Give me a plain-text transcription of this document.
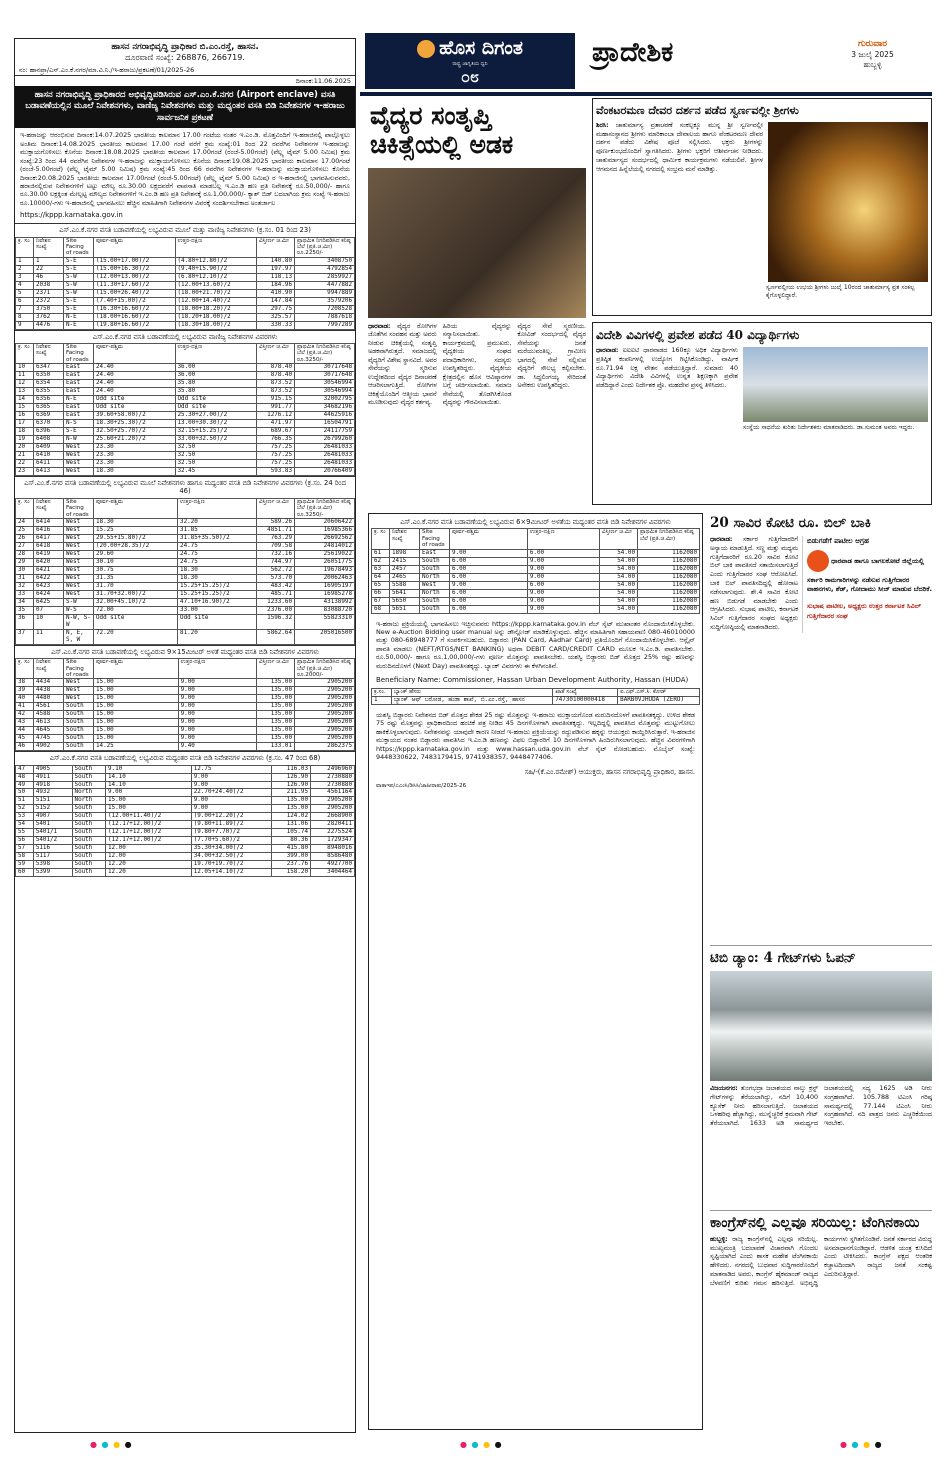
ಹಾಸನ ನಗರಾಭಿವೃದ್ಧಿ ಪ್ರಾಧಿಕಾರ ಬಿ.ಎಂ.ರಸ್ತೆ, ಹಾಸನ.
ದೂರವಾಣಿ ಸಂಖ್ಯೆ: 268876, 266719.
ನಂ: ಹಾನಪ್ರಾ/ಎಸ್.ಎಂ.ಕೆ.ನಗರ/ಮಾ.ವಿ.ನಿ./ಇ-ಹರಾಜು/ಪ್ರಕಟಣೆ/01/2025-26
ದಿನಾಂಕ:11.06.2025
ಹಾಸನ ನಗರಾಭಿವೃದ್ಧಿ ಪ್ರಾಧಿಕಾರದ ಅಭಿವೃದ್ಧಿಪಡಿಸಿರುವ ಎಸ್.ಎಂ.ಕೆ.ನಗರ (Airport enclave) ವಸತಿ ಬಡಾವಣೆಯಲ್ಲಿನ ಮೂಲೆ ನಿವೇಶನಗಳು, ವಾಣಿಜ್ಯ ನಿವೇಶನಗಳು ಮತ್ತು ಮಧ್ಯಂತರ ವಸತಿ ಬಿಡಿ ನಿವೇಶನಗಳ ಇ-ಹರಾಜು ಸಾರ್ವಜನಿಕ ಪ್ರಕಟಣೆ
ಇ-ಹರಾಜನ್ನು ಆರಂಭಿಸುವ ದಿನಾಂಕ:14.07.2025 ಭಾರತೀಯ ಕಾಲಮಾನ 17.00 ಗಂಟೆಯ ನಂತರ ಇ.ಎಂ.ಡಿ. ಮೊತ್ತವಿಂದಿಗೆ ಇ-ಹರಾಜಿನಲ್ಲಿ ಪಾಲ್ಗೊಳ್ಳಲು ಅಂತಿಮ ದಿನಾಂಕ:14.08.2025 ಭಾರತೀಯ ಕಾಲಮಾನ 17.00 ಗಂಟೆ ವರೆಗೆ ಕ್ರಮ ಸಂಖ್ಯೆ:01 ರಿಂದ 22 ರವರೆಗಿನ ನಿವೇಶನಗಳ ಇ-ಹರಾಜನ್ನು ಮುಕ್ತಾಯಗೊಳಿಸಲು ಕೊನೆಯ ದಿನಾಂಕ:18.08.2025 ಭಾರತೀಯ ಕಾಲಮಾನ 17.00ಗಂಟೆ (ರಂಜೆ-5.00ಗಂಟೆ) (ಪೆಲ್ಲ್ಯ ಟೈಮ್ 5.00 ನಿಮಿಷ) ಕ್ರಮ ಸಂಖ್ಯೆ:23 ರಿಂದ 44 ರವರೆಗಿನ ನಿವೇಶನಗಳ ಇ-ಹರಾಜನ್ನು ಮುಕ್ತಾಯಗೊಳಿಸಲು ಕೊನೆಯ ದಿನಾಂಕ:19.08.2025 ಭಾರತೀಯ ಕಾಲಮಾನ 17.00ಗಂಟೆ (ರಂಜೆ-5.00ಗಂಟೆ) (ಪೆಲ್ಲ್ಯ ಟೈಮ್ 5.00 ನಿಮಿಷ) ಕ್ರಮ ಸಂಖ್ಯೆ:45 ರಿಂದ 66 ರವರೆಗಿನ ನಿವೇಶನಗಳ ಇ-ಹರಾಜನ್ನು ಮುಕ್ತಾಯಗೊಳಿಸಲು ಕೊನೆಯ ದಿನಾಂಕ:20.08.2025 ಭಾರತೀಯ ಕಾಲಮಾನ 17.00ಗಂಟೆ (ರಂಜೆ-5.00ಗಂಟೆ) (ಪೆಲ್ಲ್ಯ ಟೈಮ್ 5.00 ನಿಮಿಷ) ರ ಇ-ಹರಾಜಿನಲ್ಲಿ ಭಾಗವಹಿಸುವವರು, ಹರಾಜಿನಲ್ಲಿರುವ ನಿವೇಶನಗಳಿಗೆ ಟಟ್ಟು ಮೌಲ್ಯ ರೂ.30.00 ಲಕ್ಷದವರೆಗೆ ವಾಪಸಾತಿ ಮಾಡಬಲ್ಲ ಇ.ಎಂ.ಡಿ ಹಣ ಪ್ರತಿ ನಿವೇಶನಕ್ಕೆ ರೂ.50,000/- ಹಾಗೂ ರೂ.30.00 ಲಕ್ಷಕ್ಕಿಂತ ಮೇಲ್ಪಟ್ಟ ಮೌಲ್ಯದ ನಿವೇಶನಗಳಿಗೆ ಇ.ಎಂ.ಡಿ ಹಣ ಪ್ರತಿ ನಿವೇಶನಕ್ಕೆ ರೂ.1,00,000/- ಕ್ಯಾಶ್ ಬಿಡ್ ಬದಲಾಗಿಯ ಕ್ರಮ ಸಂಖ್ಯೆ ಇ-ಹರಾಜು ರೂ.10000/-ಗಳು ಇ-ಹರಾಜಿನಲ್ಲಿ ಭಾಗವಹಿಸಲು ಹೆಚ್ಚಿನ ಮಾಹಿತಿಗಾಗಿ ನಿವೇಶನಗಳ ವಿವರಕ್ಕೆ ಸಂದರ್ಶಿಸಬೇಕಾದ ಅಂತರ್ಜಾಲ
https://kppp.karnataka.gov.in
ಎಸ್.ಎಂ.ಕೆ.ನಗರ ವಸತಿ ಬಡಾವಣೆಯಲ್ಲಿ ಲಭ್ಯವಿರುವ ಮೂಲೆ ಮತ್ತು ವಾಣಿಜ್ಯ ನಿವೇಶನಗಳು (ಕ್ರ.ಸಂ. 01 ರಿಂದ 23)
ಕ್ರ. ಸಂ	ನಿವೇಶನ ಸಂಖ್ಯೆ	Site Facing of roads	ಪೂರ್ವ-ಪಶ್ಚಿಮ	ಉತ್ತರ-ದಕ್ಷಿಣ	ವಿಸ್ತೀರ್ಣ ಚ.ಮೀ	ಪ್ರಾಥಮಿಕ ನಿಗದಿಪಡಿಸಿದ ಕನಿಷ್ಠ ಬೆಲೆ (ಪ್ರತಿ.ಚ.ಮೀ) ರೂ.2250/-
1	1	S-E	(15.00+17.00)/2	(4.80+12.80)/2	140.80	3408750
2	22	S-E	(15.00+16.30)/2	(9.40+15.90)/2	197.97	4792854
3	46	S-W	(12.00+13.00)/2	(6.80+12.10)/2	118.13	2859927
4	2038	S-W	(11.30+17.60)/2	(12.00+13.60)/2	184.96	4477882
5	2371	S-W	(15.00+26.40)/2	(18.00+21.70)/2	410.90	9947889
6	2372	S-E	(7.40+15.00)/2	(12.00+14.40)/2	147.84	3579206
7	3750	S-E	(16.30+16.60)/2	(18.00+18.20)/2	297.75	7208528
8	3762	N-E	(18.00+16.60)/2	(18.20+18.00)/2	325.57	7887618
9	4476	N-E	(19.80+16.60)/2	(18.30+18.00)/2	330.33	7997289
ಎಸ್.ಎಂ.ಕೆ.ನಗರ ವಸತಿ ಬಡಾವಣೆಯಲ್ಲಿ ಲಭ್ಯವಿರುವ ವಾಣಿಜ್ಯ ನಿವೇಶನಗಳ ವಿವರಗಳು
ಕ್ರ. ಸಂ	ನಿವೇಶನ ಸಂಖ್ಯೆ	Site Facing of roads	ಪೂರ್ವ-ಪಶ್ಚಿಮ	ಉತ್ತರ-ದಕ್ಷಿಣ	ವಿಸ್ತೀರ್ಣ ಚ.ಮೀ	ಪ್ರಾಥಮಿಕ ನಿಗದಿಪಡಿಸಿದ ಕನಿಷ್ಠ ಬೆಲೆ (ಪ್ರತಿ.ಚ.ಮೀ) ರೂ.3250/-
10	6347	East	24.40	36.00	878.40	30717648
11	6350	East	24.40	36.00	878.40	30717648
12	6354	East	24.40	35.80	873.52	30546994
13	6355	East	24.40	35.80	873.52	30546994
14	6356	N-E	Odd site	Odd site	915.15	32002795
15	6365	East	Odd site	Odd site	991.77	34682196
16	6369	East	39.60+58.00)/2	25.30+27.00)/2	1276.12	44625916
17	6370	N-S	18.30+25.30)/2	13.00+30.30)/2	471.97	16504791
18	6396	S-E	32.50+25.70)/2	32.15+15.25)/2	689.67	24117759
19	6408	N-W	25.60+21.20)/2	33.00+32.50)/2	766.35	26799260
20	6409	West	23.30	32.50	757.25	26481033
21	6410	West	23.30	32.50	757.25	26481033
22	6411	West	23.30	32.50	757.25	26481033
23	6413	West	18.30	32.45	593.83	20766409
ಎಸ್.ಎಂ.ಕೆ.ನಗರ ವಸತಿ ಬಡಾವಣೆಯಲ್ಲಿ ಲಭ್ಯವಿರುವ ಮೂಲೆ ನಿವೇಶನಗಳು ಹಾಗೂ ಮಧ್ಯಂತರ ವಸತಿ ಬಿಡಿ ನಿವೇಶನಗಳ ವಿವರಗಳು (ಕ್ರ.ಸಂ. 24 ರಿಂದ 46)
ಕ್ರ. ಸಂ	ನಿವೇಶನ ಸಂಖ್ಯೆ	Site Facing of roads	ಪೂರ್ವ-ಪಶ್ಚಿಮ	ಉತ್ತರ-ದಕ್ಷಿಣ	ವಿಸ್ತೀರ್ಣ ಚ.ಮೀ	ಪ್ರಾಥಮಿಕ ನಿಗದಿಪಡಿಸಿದ ಕನಿಷ್ಠ ಬೆಲೆ (ಪ್ರತಿ.ಚ.ಮೀ) ರೂ.3250/-
24	6414	West	18.30	32.20	589.26	20606422
25	6416	West	15.25	31.85	4851.71	16985366
26	6417	West	29.55+15.80)/2	31.85+35.50)/2	763.29	26692562
27	6418	West	(20.00+28.35)/2	24.75	709.58	24814012
28	6419	West	29.60	24.75	732.16	25619022
29	6420	West	30.10	24.75	744.97	26051775
30	6421	West	30.75	18.30	562.72	19678493
31	6422	West	31.35	18.30	573.70	20062463
32	6423	West	31.70	15.25+15.25)/2	483.42	16905197
33	6424	West	31.70+32.00)/2	15.25+15.25)/2	485.71	16985278
34	6425	S-W	32.00+45.10)/2	47.10+16.90)/2	1233.60	43138992
35	07	W-S	72.00	33.00	2376.00	83088720
36	10	N-W, S-W	Odd site	Odd site	1596.32	55823310
37	11	N, E, S, W	72.20	81.20	5862.64	205016500
ಎಸ್.ಎಂ.ಕೆ.ನಗರ ವಸತಿ ಬಡಾವಣೆಯಲ್ಲಿ ಲಭ್ಯವಿರುವ 9×15ಮೀಟರ್ ಅಳತೆ ಮಧ್ಯಂತರ ವಸತಿ ಬಿಡಿ ನಿವೇಶನಗಳ ವಿವರಗಳು
ಕ್ರ. ಸಂ	ನಿವೇಶನ ಸಂಖ್ಯೆ	Site Facing of roads	ಪೂರ್ವ-ಪಶ್ಚಿಮ	ಉತ್ತರ-ದಕ್ಷಿಣ	ವಿಸ್ತೀರ್ಣ ಚ.ಮೀ	ಪ್ರಾಥಮಿಕ ನಿಗದಿಪಡಿಸಿದ ಕನಿಷ್ಠ ಬೆಲೆ (ಪ್ರತಿ.ಚ.ಮೀ) ರೂ.2000/-
38	4434	West	15.00	9.00	135.00	2905200
39	4438	West	15.00	9.00	135.00	2905200
40	4480	West	15.00	9.00	135.00	2905200
41	4561	South	15.00	9.00	135.00	2905200
42	4588	South	15.00	9.00	135.00	2905200
43	4613	South	15.00	9.00	135.00	2905200
44	4645	South	15.00	9.00	135.00	2905200
45	4745	South	15.00	9.00	135.00	2905200
46	4902	South	14.25	9.40	133.01	2862375
ಎಸ್.ಎಂ.ಕೆ.ನಗರ ವಸತಿ ಬಡಾವಣೆಯಲ್ಲಿ ಲಭ್ಯವಿರುವ ಮಧ್ಯಂತರ ವಸತಿ ಬಿಡಿ ನಿವೇಶನಗಳ ವಿವರಗಳು (ಕ್ರ.ಸಂ. 47 ರಿಂದ 68)
47	4905	South	9.10	12.75	116.03	2496960
48	4911	South	14.10	9.00	126.90	2730880
49	4918	South	14.10	9.00	126.90	2730880
50	4932	North	9.00	22.70+24.40)/2	211.95	4561164
51	5151	North	15.00	9.00	135.00	2905200
52	5152	South	15.00	9.00	135.00	2905200
53	4907	South	(12.00+11.40)/2	(9.00+12.20)/2	124.02	2668900
54	5401	South	(12.17+12.00)/2	(9.80+11.89)/2	131.06	2820411
55	5401/1	South	(12.17+12.00)/2	(9.80+7.70)/2	105.74	2275524
56	5401/2	South	(12.17+12.00)/2	(7.70+5.60)/2	80.36	1729347
57	5116	South	12.00	35.30+34.00)/2	415.80	8948016
58	5117	South	12.00	34.00+32.50)/2	399.00	8586480
59	5398	South	12.20	19.70+19.70)/2	237.76	4927700
60	5399	South	12.20	12.05+14.10)/2	158.20	3404464
ಹೊಸ ದಿಗಂತ
ರಾಷ್ಟ್ರ ಜಾಗೃತಿಯ ಧ್ವನಿ
೦೮
ಪ್ರಾದೇಶಿಕ	ಗುರುವಾರ
3 ಜುಲೈ 2025
ಹುಬ್ಬಳ್ಳಿ
ವೈದ್ಯರ ಸಂತೃಪ್ತಿ ಚಿಕಿತ್ಸೆಯಲ್ಲಿ ಅಡಕ
ಧಾರವಾಡ: ವೈದ್ಯರ ರೋಗಿಗಳ ಜೊತೆಗಿನ ಸಂವಹನ ಮತ್ತು ಅವರು ನೀಡುವ ಚಿಕಿತ್ಸೆಯಲ್ಲಿ ಸಂತೃಪ್ತಿ ಅಡಕವಾಗಿರುತ್ತದೆ. ಸಮಾಜದಲ್ಲಿ ವೈದ್ಯರಿಗೆ ವಿಶೇಷ ಸ್ಥಾನವಿದೆ. ಅವರ ಸೇವೆಯನ್ನು ಸ್ಮರಿಸುವ ಉದ್ದೇಶದಿಂದ ವೈದ್ಯರ ದಿನಾಚರಣೆ ಆಚರಿಸಲಾಗುತ್ತಿದೆ. ರೋಗಿಗಳ ಚಿಕಿತ್ಸೆಯೊಂದಿಗೆ ಆತ್ಮೀಯ ಭಾವನೆ ಮೂಡಿಸುವುದು ವೈದ್ಯರ ಕರ್ತವ್ಯ.
ಹಿರಿಯ ವೈದ್ಯರನ್ನು ಸನ್ಮಾನಿಸಲಾಯಿತು. ಕಾರ್ಯಕ್ರಮದಲ್ಲಿ ಪ್ರಮುಖರು, ವೈದ್ಯಕೀಯ ಸಂಘದ ಪದಾಧಿಕಾರಿಗಳು, ಸದಸ್ಯರು ಉಪಸ್ಥಿತರಿದ್ದರು. ವೈದ್ಯಕೀಯ ಕ್ಷೇತ್ರದಲ್ಲಿನ ಹೊಸ ಆವಿಷ್ಕಾರಗಳ ಬಗ್ಗೆ ಚರ್ಚಿಸಲಾಯಿತು. ಸಮಾಜ ಸೇವೆಯಲ್ಲಿ ತೊಡಗಿಸಿಕೊಂಡ ವೈದ್ಯರನ್ನು ಗೌರವಿಸಲಾಯಿತು.
ವೈದ್ಯರ ಸೇವೆ ಸ್ಮರಣೀಯ. ಕೋವಿಡ್ ಸಂದರ್ಭದಲ್ಲಿ ವೈದ್ಯರ ಸೇವೆಯನ್ನು ಜನತೆ ಮರೆಯುವಂತಿಲ್ಲ. ಗ್ರಾಮೀಣ ಭಾಗದಲ್ಲಿ ಸೇವೆ ಸಲ್ಲಿಸುವ ವೈದ್ಯರಿಗೆ ಸೌಲಭ್ಯ ಕಲ್ಪಿಸಬೇಕು. ಡಾ. ಸಿದ್ಧಲಿಂಗಯ್ಯ ಸೇರಿದಂತೆ ಅನೇಕರು ಉಪಸ್ಥಿತರಿದ್ದರು.
ವೆಂಕಟರಮಣ ದೇವರ ದರ್ಶನ ಪಡೆದ ಸ್ವರ್ಣವಲ್ಲೀ ಶ್ರೀಗಳು
ಶಿರಸಿ: ಚಾತುರ್ಮಾಸ್ಯ ವ್ರತಾಚರಣೆ ಸಂಕಲ್ಪಕ್ಕೂ ಮುನ್ನ ಶ್ರೀ ಸ್ವರ್ಣವಲ್ಲೀ ಮಹಾಸಂಸ್ಥಾನದ ಶ್ರೀಗಳು ಮಾರಿಕಾಂಬಾ ದೇವಾಲಯ ಹಾಗೂ ವೆಂಕಟರಮಣ ದೇವರ ದರ್ಶನ ಪಡೆದು ವಿಶೇಷ ಪೂಜೆ ಸಲ್ಲಿಸಿದರು. ಭಕ್ತರು ಶ್ರೀಗಳನ್ನು ಪೂರ್ಣಕುಂಭದೊಂದಿಗೆ ಸ್ವಾಗತಿಸಿದರು. ಶ್ರೀಗಳು ಭಕ್ತರಿಗೆ ಆಶೀರ್ವಚನ ನೀಡಿದರು. ಚಾತುರ್ಮಾಸ್ಯದ ಸಂದರ್ಭದಲ್ಲಿ ಧಾರ್ಮಿಕ ಕಾರ್ಯಕ್ರಮಗಳು ನಡೆಯಲಿವೆ. ಶ್ರೀಗಳ ಆಗಮನದ ಹಿನ್ನೆಲೆಯಲ್ಲಿ ನಗರದಲ್ಲಿ ಸಂಭ್ರಮ ಮನೆ ಮಾಡಿತ್ತು.
ಸ್ವರ್ಣವಲ್ಲೀಯ ಉಭಯ ಶ್ರೀಗಳು ಜುಲೈ 10ರಂದ ಚಾತುರ್ಮಾಸ್ಯ ವ್ರತ ಸಂಕಲ್ಪ ಕೈಗೊಳ್ಳಲಿದ್ದಾರೆ.
ವಿದೇಶಿ ವಿವಿಗಳಲ್ಲಿ ಪ್ರವೇಶ ಪಡೆದ 40 ವಿದ್ಯಾರ್ಥಿಗಳು
ಧಾರವಾಡ: ಐಐಐಟಿ ಧಾರವಾಡದ 160ಕ್ಕೂ ಅಧಿಕ ವಿದ್ಯಾರ್ಥಿಗಳು ಪ್ರತಿಷ್ಠಿತ ಕಂಪನಿಗಳಲ್ಲಿ ಉದ್ಯೋಗ ಗಿಟ್ಟಿಸಿಕೊಂಡಿದ್ದು, ವಾರ್ಷಿಕ ರೂ.71.94 ಲಕ್ಷ ವೇತನ ಪಡೆಯುತ್ತಿದ್ದಾರೆ. ಸುಮಾರು 40 ವಿದ್ಯಾರ್ಥಿಗಳು ವಿದೇಶಿ ವಿವಿಗಳಲ್ಲಿ ಉನ್ನತ ಶಿಕ್ಷಣಕ್ಕಾಗಿ ಪ್ರವೇಶ ಪಡೆದಿದ್ದಾರೆ ಎಂದು ನಿರ್ದೇಶಕ ಪ್ರೊ. ಮಹದೇವ ಪ್ರಸನ್ನ ತಿಳಿಸಿದರು.
ಸಂಸ್ಥೆಯ ಸಾಧನೆಯ ಕುರಿತು ನಿರ್ದೇಶಕರು ಮಾತನಾಡಿದರು. ಡಾ.ಸುಮಂತ ಅವರು ಇದ್ದರು.
ಎಸ್.ಎಂ.ಕೆ.ನಗರ ವಸತಿ ಬಡಾವಣೆಯಲ್ಲಿ ಲಭ್ಯವಿರುವ 6×9ಮೀಟರ್ ಅಳತೆಯ ಮಧ್ಯಂತರ ವಸತಿ ಬಿಡಿ ನಿವೇಶನಗಳ ವಿವರಗಳು
ಕ್ರ. ಸಂ	ನಿವೇಶನ ಸಂಖ್ಯೆ	Site Facing of roads	ಪೂರ್ವ-ಪಶ್ಚಿಮ	ಉತ್ತರ-ದಕ್ಷಿಣ	ವಿಸ್ತೀರ್ಣ ಚ.ಮೀ	ಪ್ರಾಥಮಿಕ ನಿಗದಿಪಡಿಸಿದ ಕನಿಷ್ಠ ಬೆಲೆ (ಪ್ರತಿ.ಚ.ಮೀ)
61	1898	East	9.00	6.00	54.00	1162080
62	2415	South	6.00	9.00	54.00	1162080
63	2457	South	6.00	9.00	54.00	1162080
64	2465	North	6.00	9.00	54.00	1162080
65	5588	West	9.00	6.00	54.00	1162080
66	5641	North	6.00	9.00	54.00	1162080
67	5650	South	6.00	9.00	54.00	1162080
68	5651	South	6.00	9.00	54.00	1162080
ಇ-ಹರಾಜು ಪ್ರಕ್ರಿಯೆಯಲ್ಲಿ ಭಾಗವಹಿಸಲು ಇಚ್ಛಿಸುವವರು https://kppp.karnataka.gov.in ವೆಬ್ ಸೈಟ್ ಮುಖಾಂತರ ನೊಂದಾಯಿಸಿಕೊಳ್ಳಬೇಕು. New e-Auction Bidding user manual ಅನ್ನು ಡೌನ್ಲೋಡ್ ಮಾಡಿಕೊಳ್ಳುವುದು. ಹೆಚ್ಚಿನ ಮಾಹಿತಿಗಾಗಿ ಸಹಾಯವಾಣಿ 080-46010000 ಮತ್ತು 080-68948777 ಗೆ ಸಂಪರ್ಕಿಸಬಹುದು. ಬಿಡ್ದಾರರು (PAN Card, Aadhar Card) ಪ್ರತಿಯೊಂದಿಗೆ ನೊಂದಾಯಿಸಿಕೊಳ್ಳಬೇಕು. ಆನ್ಲೈನ್ ಪಾವತಿ ಮಾಡಲು (NEFT/RTGS/NET BANKING) ಅಥವಾ DEBIT CARD/CREDIT CARD ಮೂಲಕ ಇ.ಎಂ.ಡಿ. ಪಾವತಿಸಬೇಕು. ರೂ.50,000/- ಹಾಗೂ ರೂ.1,00,000/-ಗಳು ಪೂರ್ಣ ಮೊತ್ತವನ್ನು ಪಾವತಿಸಬೇಕು. ಯಶಸ್ವಿ ಬಿಡ್ದಾರರು ಬಿಡ್ ಮೊತ್ತದ 25% ರಷ್ಟು ಹಣವನ್ನು ಮರುದಿನದೊಳಗೆ (Next Day) ಪಾವತಿಸತಕ್ಕದ್ದು. ಬ್ಯಾಂಕ್ ವಿವರಗಳು ಈ ಕೆಳಗಿನಂತಿವೆ.
Beneficiary Name: Commissioner, Hassan Urban Development Authority, Hassan (HUDA)
ಕ್ರ.ಸಂ.	ಬ್ಯಾಂಕ್ ಹೆಸರು	ಖಾತೆ ಸಂಖ್ಯೆ	ಐ.ಎಫ್.ಎಸ್.ಸಿ. ಕೋಡ್
1	ಬ್ಯಾಂಕ್ ಆಫ್ ಬರೋಡ, ಹುಡಾ ಶಾಖೆ, ಬಿ.ಎಂ.ರಸ್ತೆ, ಹಾಸನ	74730100000418	BARB0VJHUDA (ZERO)
ಯಶಸ್ವಿ ಬಿಡ್ದಾರರು ನಿವೇಶನದ ಬಿಡ್ ಮೊತ್ತದ ಶೇಕಡ 25 ರಷ್ಟು ಮೊತ್ತವನ್ನು ಇ-ಹರಾಜು ಮುಕ್ತಾಯಗೊಂಡ ಮರುದಿನದೊಳಗೆ ಪಾವತಿಸತಕ್ಕದ್ದು. ಉಳಿದ ಶೇಕಡ 75 ರಷ್ಟು ಮೊತ್ತವನ್ನು ಪ್ರಾಧಿಕಾರದಿಂದ ಹಂಚಿಕೆ ಪತ್ರ ನೀಡಿದ 45 ದಿನಗಳೊಳಗಾಗಿ ಪಾವತಿಸತಕ್ಕದ್ದು. ಇಲ್ಲದಿದ್ದಲ್ಲಿ ಪಾವತಿಸಿದ ಮೊತ್ತವನ್ನು ಮುಟ್ಟುಗೋಲು ಹಾಕಿಕೊಳ್ಳಲಾಗುವುದು. ನಿವೇಶನವನ್ನು ಯಾವುದೇ ಕಾರಣ ನೀಡದೆ ಇ-ಹರಾಜು ಪ್ರಕ್ರಿಯೆಯನ್ನು ರದ್ದುಪಡಿಸುವ ಹಕ್ಕನ್ನು ಆಯುಕ್ತರು ಕಾಯ್ದಿರಿಸಿರುತ್ತಾರೆ. ಇ-ಹರಾಜಿನ ಮುಕ್ತಾಯದ ನಂತರ ಬಿಡ್ದಾರರು ಪಾವತಿಸಿದ ಇ.ಎಂ.ಡಿ ಹಣವನ್ನು ವಿಫಲ ಬಿಡ್ದಾರರಿಗೆ 10 ದಿನಗಳೊಳಗಾಗಿ ಹಿಂದಿರುಗಿಸಲಾಗುವುದು. ಹೆಚ್ಚಿನ ವಿವರಗಳಿಗಾಗಿ https://kppp.karnataka.gov.in ಮತ್ತು www.hassan.uda.gov.in ವೆಬ್ ಸೈಟ್ ನೋಡಬಹುದು. ಮೊಬೈಲ್ ಸಂಖ್ಯೆ: 9448330622, 7483179415, 9741938357, 9448477406.
ಸಹಿ/-(ಕೆ.ಎಂ.ರಮೇಶ್) ಆಯುಕ್ತರು, ಹಾಸನ ನಗರಾಭಿವೃದ್ಧಿ ಪ್ರಾಧಿಕಾರ, ಹಾಸನ.
ವಾತಾಇಪ/ಎಎಂಸಿ/ಡಿಸಿಸಿ/ಜಾಹೀರಾತು/2025-26
20 ಸಾವಿರ ಕೋಟಿ ರೂ. ಬಿಲ್ ಬಾಕಿ
ಧಾರವಾಡ: ಸರ್ಕಾರ ಗುತ್ತಿಗೆದಾರರಿಗೆ ಅನ್ಯಾಯ ಮಾಡುತ್ತಿದೆ. ಸಣ್ಣ ಮತ್ತು ಮಧ್ಯಮ ಗುತ್ತಿಗೆದಾರರಿಗೆ ರೂ.20 ಸಾವಿರ ಕೋಟಿ ಬಿಲ್ ಬಾಕಿ ಪಾವತಿಸದೆ ಸತಾಯಿಸಲಾಗುತ್ತಿದೆ ಎಂದು ಗುತ್ತಿಗೆದಾರರ ಸಂಘ ಆರೋಪಿಸಿದೆ. ಬಾಕಿ ಬಿಲ್ ಪಾವತಿಸದಿದ್ದಲ್ಲಿ ಹೋರಾಟ ನಡೆಸಲಾಗುವುದು. ಶೇ.4 ಸಾವಿರ ಕೋಟಿ ಹಣ ಬಿಡುಗಡೆ ಮಾಡಬೇಕು ಎಂದು ಆಗ್ರಹಿಸಿದರು. ಸುಭಾಷ ಪಾಟೀಲ, ಕರ್ನಾಟಕ ಸಿವಿಲ್ ಗುತ್ತಿಗೆದಾರರ ಸಂಘದ ಅಧ್ಯಕ್ಷರು ಸುದ್ದಿಗೋಷ್ಠಿಯಲ್ಲಿ ಮಾತನಾಡಿದರು.
ಬಿಡುಗಡೆಗೆ ಪಾಟೀಲ ಆಗ್ರಹ
ಧಾರವಾಡ ಹಾಗೂ ಬಾಗಲಕೋಟೆ ಜಿಲ್ಲೆಯಲ್ಲಿ
ಸರ್ಕಾರಿ ಕಾಮಗಾರಿಗಳನ್ನು ನಡೆಸುವ ಗುತ್ತಿಗೆದಾರರ ವಾಹನಗಳು, ಶೆಡ್, ಗೋದಾಮು ಸೀಜ್ ಮಾಡುವ ಬೆದರಿಕೆ.
ಸುಭಾಷ ಪಾಟೀಲ, ಅಧ್ಯಕ್ಷರು ಉತ್ತರ ಕರ್ನಾಟಕ ಸಿವಿಲ್ ಗುತ್ತಿಗೆದಾರರ ಸಂಘ
ಟಿಬಿ ಡ್ಯಾಂ: 4 ಗೇಟ್‌ಗಳು ಓಪನ್
ವಿಜಯನಗರ: ತುಂಗಭದ್ರಾ ಜಲಾಶಯದ ನಾಲ್ಕು ಕ್ರಸ್ಟ್ ಗೇಟ್‌ಗಳನ್ನು ತೆರೆಯಲಾಗಿದ್ದು, ನದಿಗೆ 10,400 ಕ್ಯೂಸೆಕ್ ನೀರು ಹರಿಸಲಾಗುತ್ತಿದೆ. ಜಲಾಶಯದ ಒಳಹರಿವು ಹೆಚ್ಚಾಗಿದ್ದು, ಮುನ್ನೆಚ್ಚರಿಕೆ ಕ್ರಮವಾಗಿ ಗೇಟ್ ತೆರೆಯಲಾಗಿದೆ. 1633 ಅಡಿ ಸಾಮರ್ಥ್ಯದ ಜಲಾಶಯದಲ್ಲಿ ಸದ್ಯ 1625 ಅಡಿ ನೀರು ಸಂಗ್ರಹವಾಗಿದೆ. 105.788 ಟಿಎಂಸಿ ಗರಿಷ್ಠ ಸಾಮರ್ಥ್ಯದಲ್ಲಿ 77.144 ಟಿಎಂಸಿ ನೀರು ಸಂಗ್ರಹವಾಗಿದೆ. ನದಿ ಪಾತ್ರದ ಜನರು ಎಚ್ಚರಿಕೆಯಿಂದ ಇರಬೇಕು.
ಕಾಂಗ್ರೆಸ್‌ನಲ್ಲಿ ಎಲ್ಲವೂ ಸರಿಯಿಲ್ಲ: ಟೆಂಗಿನಕಾಯಿ
ಹುಬ್ಬಳ್ಳಿ: ರಾಜ್ಯ ಕಾಂಗ್ರೆಸ್‌ನಲ್ಲಿ ಎಲ್ಲವೂ ಸರಿಯಿಲ್ಲ. ಮುಖ್ಯಮಂತ್ರಿ ಬದಲಾವಣೆ ವಿಚಾರವಾಗಿ ಗೊಂದಲ ಸೃಷ್ಟಿಯಾಗಿದೆ ಎಂದು ಶಾಸಕ ಮಹೇಶ ಟೆಂಗಿನಕಾಯಿ ಹೇಳಿದರು. ನಗರದಲ್ಲಿ ಬುಧವಾರ ಸುದ್ದಿಗಾರರೊಂದಿಗೆ ಮಾತನಾಡಿದ ಅವರು, ಕಾಂಗ್ರೆಸ್ ಹೈಕಮಾಂಡ್ ರಾಜ್ಯದ ಬೆಳವಣಿಗೆ ಕುರಿತು ಗಮನ ಹರಿಸುತ್ತಿದೆ. ಅಭಿವೃದ್ಧಿ ಕಾರ್ಯಗಳು ಸ್ಥಗಿತಗೊಂಡಿವೆ. ಜನತೆ ಸರ್ಕಾರದ ವಿರುದ್ಧ ಅಸಮಾಧಾನಗೊಂಡಿದ್ದಾರೆ. ಆಡಳಿತ ಯಂತ್ರ ಕುಸಿದಿದೆ ಎಂದು ಟೀಕಿಸಿದರು. ಕಾಂಗ್ರೆಸ್ ಪಕ್ಷದ ಆಂತರಿಕ ಕಚ್ಚಾಟದಿಂದಾಗಿ ರಾಜ್ಯದ ಜನತೆ ಸಂಕಷ್ಟ ಎದುರಿಸುತ್ತಿದ್ದಾರೆ.
● ● ● ●	● ● ● ●	● ● ● ●
